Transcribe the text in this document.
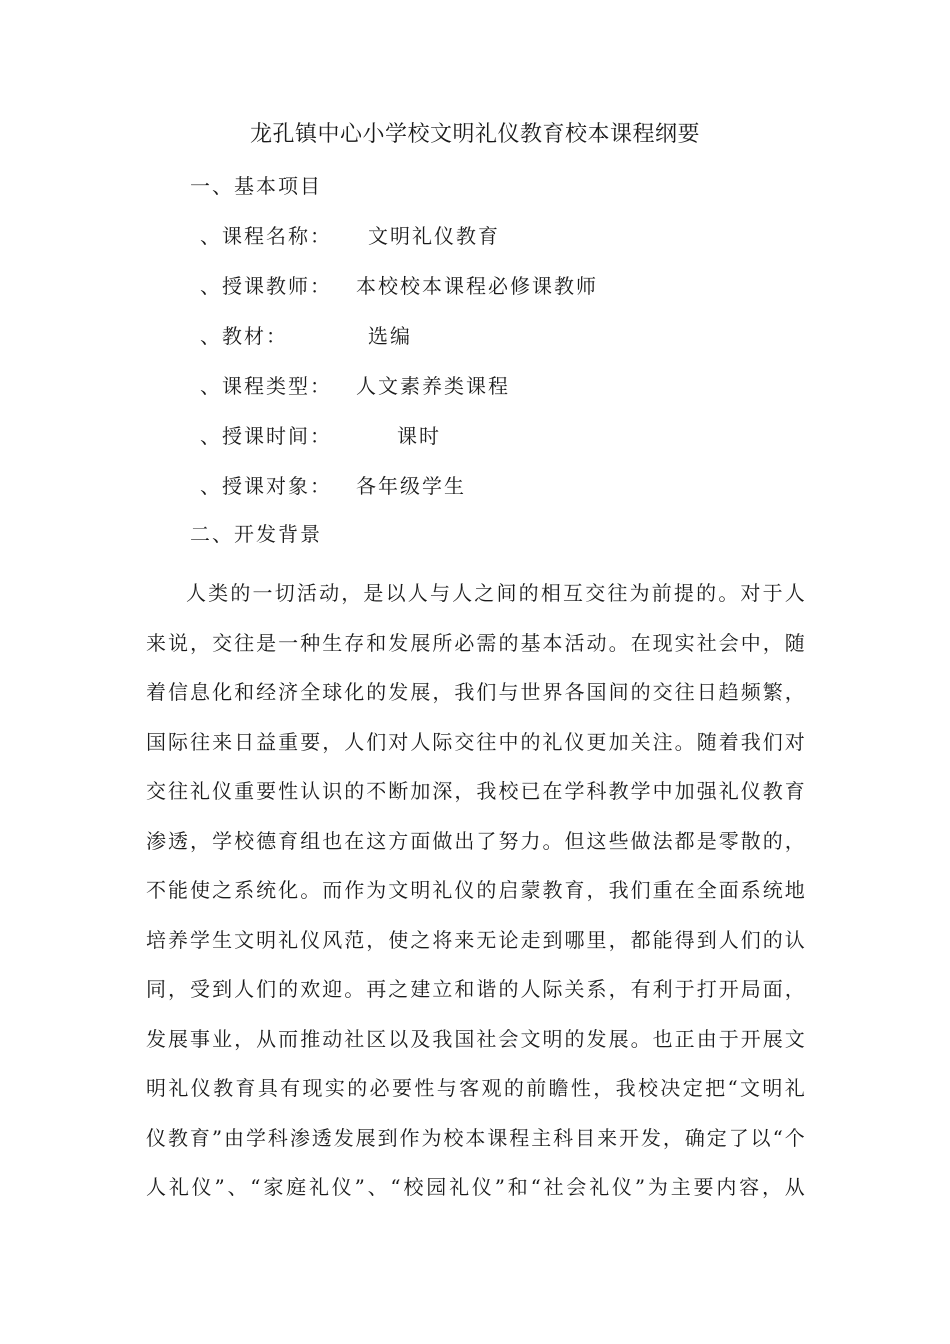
龙孔镇中心小学校文明礼仪教育校本课程纲要
一、基本项目
、课程名称： 文明礼仪教育
、授课教师： 本校校本课程必修课教师
、教材：	选编
、课程类型： 人文素养类课程
、授课时间：	课时
、授课对象： 各年级学生
二、开发背景
人类的一切活动，是以人与人之间的相互交往为前提的。对于人
来说，交往是一种生存和发展所必需的基本活动。在现实社会中，随
着信息化和经济全球化的发展，我们与世界各国间的交往日趋频繁，
国际往来日益重要，人们对人际交往中的礼仪更加关注。随着我们对
交往礼仪重要性认识的不断加深，我校已在学科教学中加强礼仪教育
渗透，学校德育组也在这方面做出了努力。但这些做法都是零散的，
不能使之系统化。而作为文明礼仪的启蒙教育，我们重在全面系统地
培养学生文明礼仪风范，使之将来无论走到哪里，都能得到人们的认
同，受到人们的欢迎。再之建立和谐的人际关系，有利于打开局面，
发展事业，从而推动社区以及我国社会文明的发展。也正由于开展文
明礼仪教育具有现实的必要性与客观的前瞻性，我校决定把“文明礼
仪教育”由学科渗透发展到作为校本课程主科目来开发，确定了以“个
人礼仪”、“家庭礼仪”、“校园礼仪”和“社会礼仪”为主要内容，从
